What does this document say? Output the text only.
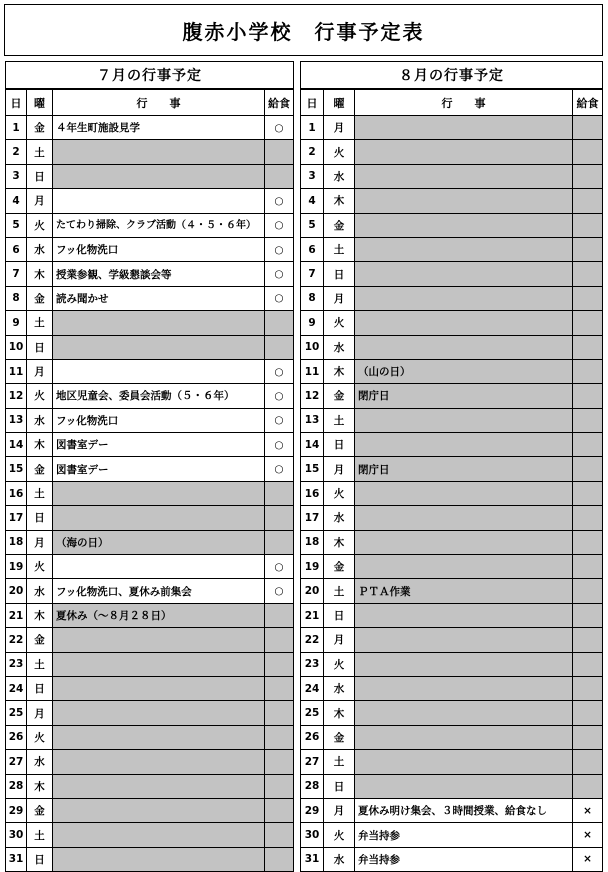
腹赤小学校　行事予定表
７月の行事予定
日	曜	行　　事	給食
1	金	４年生町施設見学	○
2	土		
3	日		
4	月		○
5	火	たてわり掃除、クラブ活動（４・５・６年）	○
6	水	フッ化物洗口	○
7	木	授業参観、学級懇談会等	○
8	金	読み聞かせ	○
9	土		
10	日		
11	月		○
12	火	地区児童会、委員会活動（５・６年）	○
13	水	フッ化物洗口	○
14	木	図書室デー	○
15	金	図書室デー	○
16	土		
17	日		
18	月	（海の日）	
19	火		○
20	水	フッ化物洗口、夏休み前集会	○
21	木	夏休み（～８月２８日）	
22	金		
23	土		
24	日		
25	月		
26	火		
27	水		
28	木		
29	金		
30	土		
31	日		
８月の行事予定
日	曜	行　　事	給食
1	月		
2	火		
3	水		
4	木		
5	金		
6	土		
7	日		
8	月		
9	火		
10	水		
11	木	（山の日）	
12	金	閉庁日	
13	土		
14	日		
15	月	閉庁日	
16	火		
17	水		
18	木		
19	金		
20	土	ＰＴＡ作業	
21	日		
22	月		
23	火		
24	水		
25	木		
26	金		
27	土		
28	日		
29	月	夏休み明け集会、３時間授業、給食なし	×
30	火	弁当持参	×
31	水	弁当持参	×
